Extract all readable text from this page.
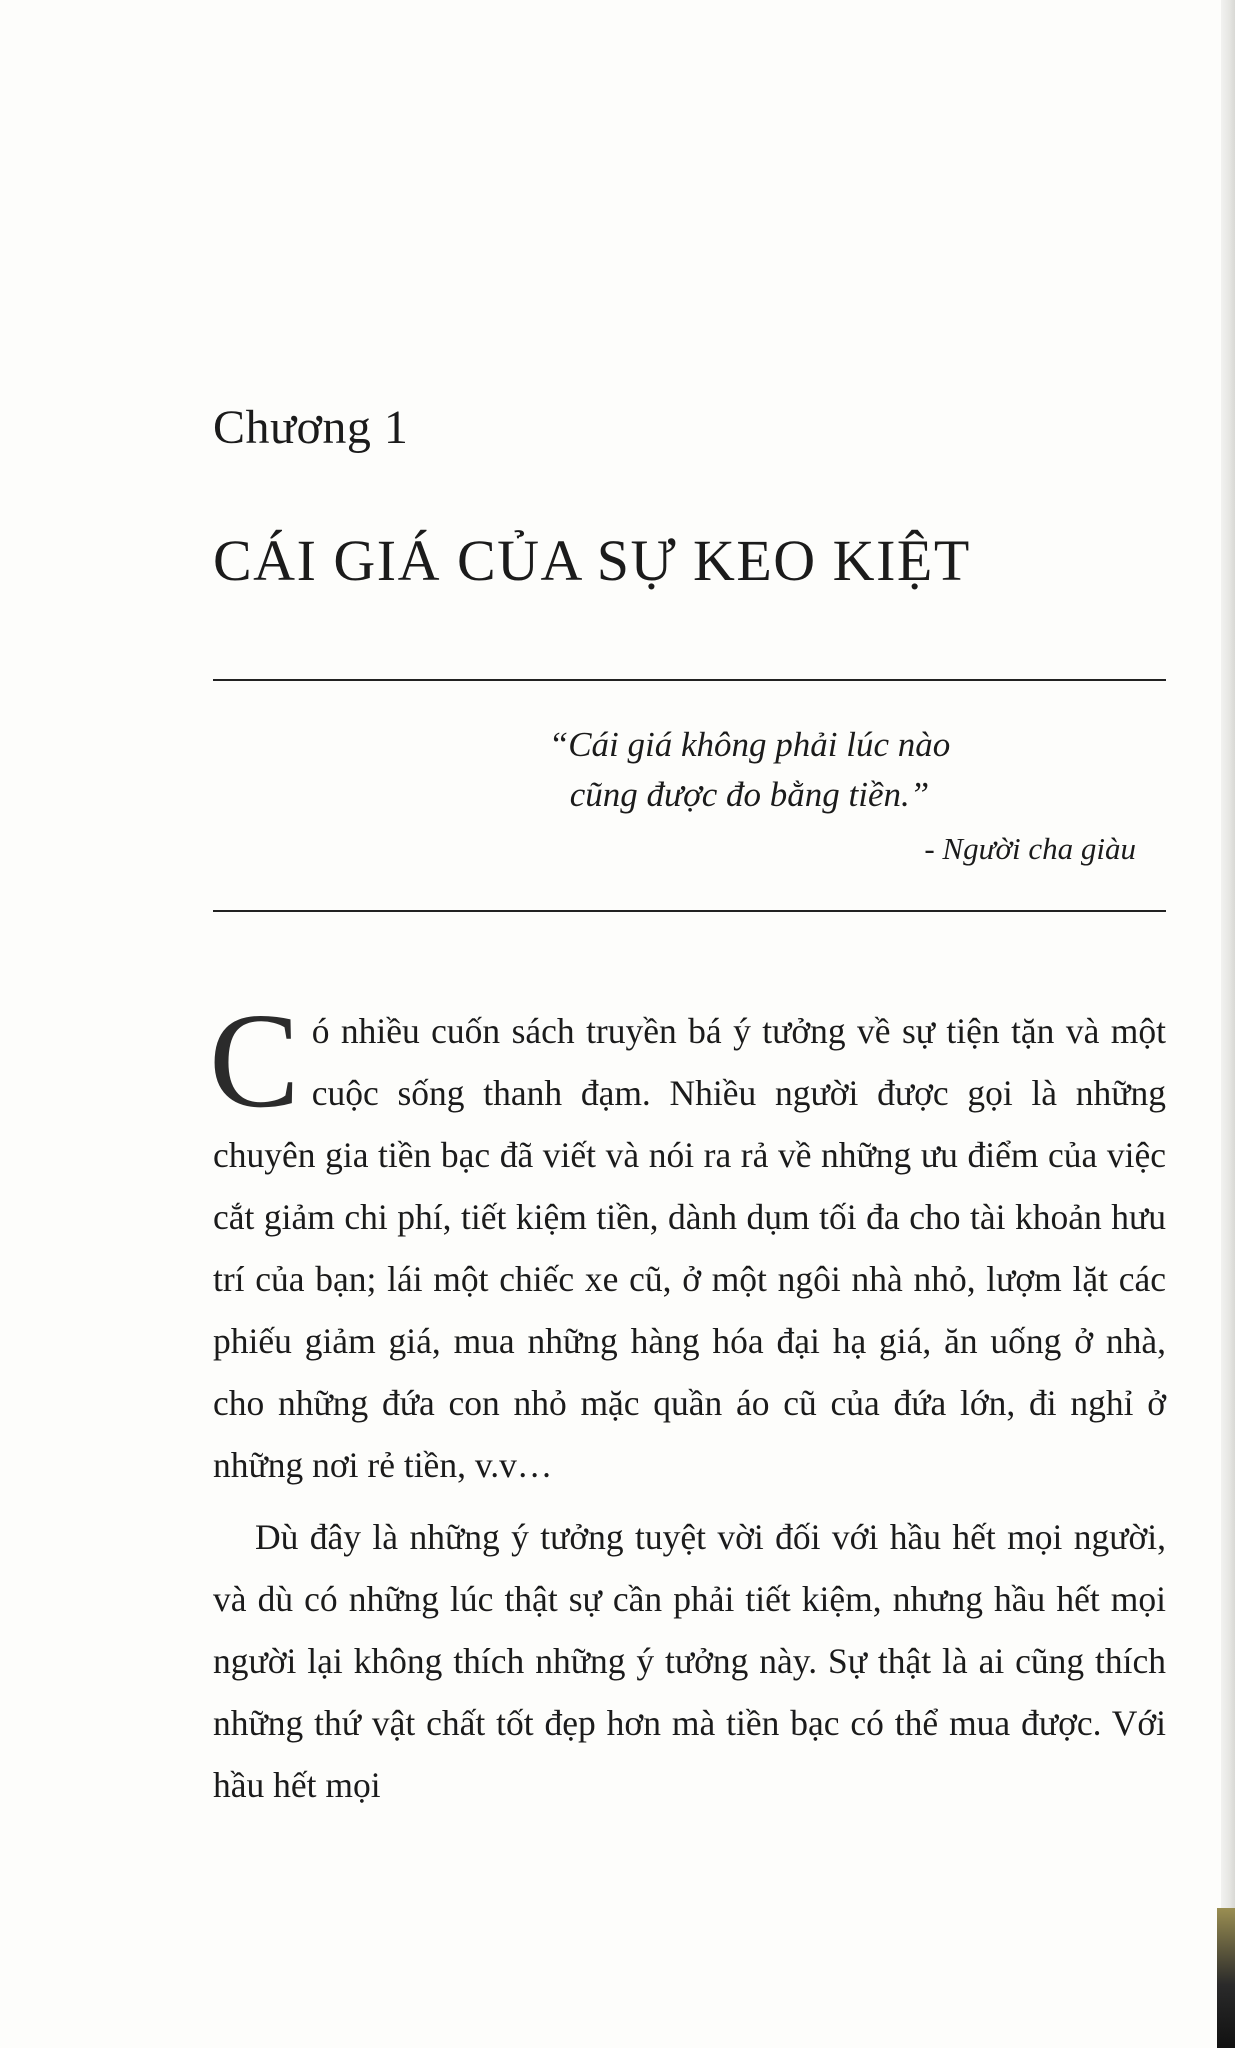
Chương 1
CÁI GIÁ CỦA SỰ KEO KIỆT
“Cái giá không phải lúc nào
cũng được đo bằng tiền.”
- Người cha giàu

Có nhiều cuốn sách truyền bá ý tưởng về sự tiện tặn và một cuộc sống thanh đạm. Nhiều người được gọi là những chuyên gia tiền bạc đã viết và nói ra rả về những ưu điểm của việc cắt giảm chi phí, tiết kiệm tiền, dành dụm tối đa cho tài khoản hưu trí của bạn; lái một chiếc xe cũ, ở một ngôi nhà nhỏ, lượm lặt các phiếu giảm giá, mua những hàng hóa đại hạ giá, ăn uống ở nhà, cho những đứa con nhỏ mặc quần áo cũ của đứa lớn, đi nghỉ ở những nơi rẻ tiền, v.v…

Dù đây là những ý tưởng tuyệt vời đối với hầu hết mọi người, và dù có những lúc thật sự cần phải tiết kiệm, nhưng hầu hết mọi người lại không thích những ý tưởng này. Sự thật là ai cũng thích những thứ vật chất tốt đẹp hơn mà tiền bạc có thể mua được. Với hầu hết mọi
